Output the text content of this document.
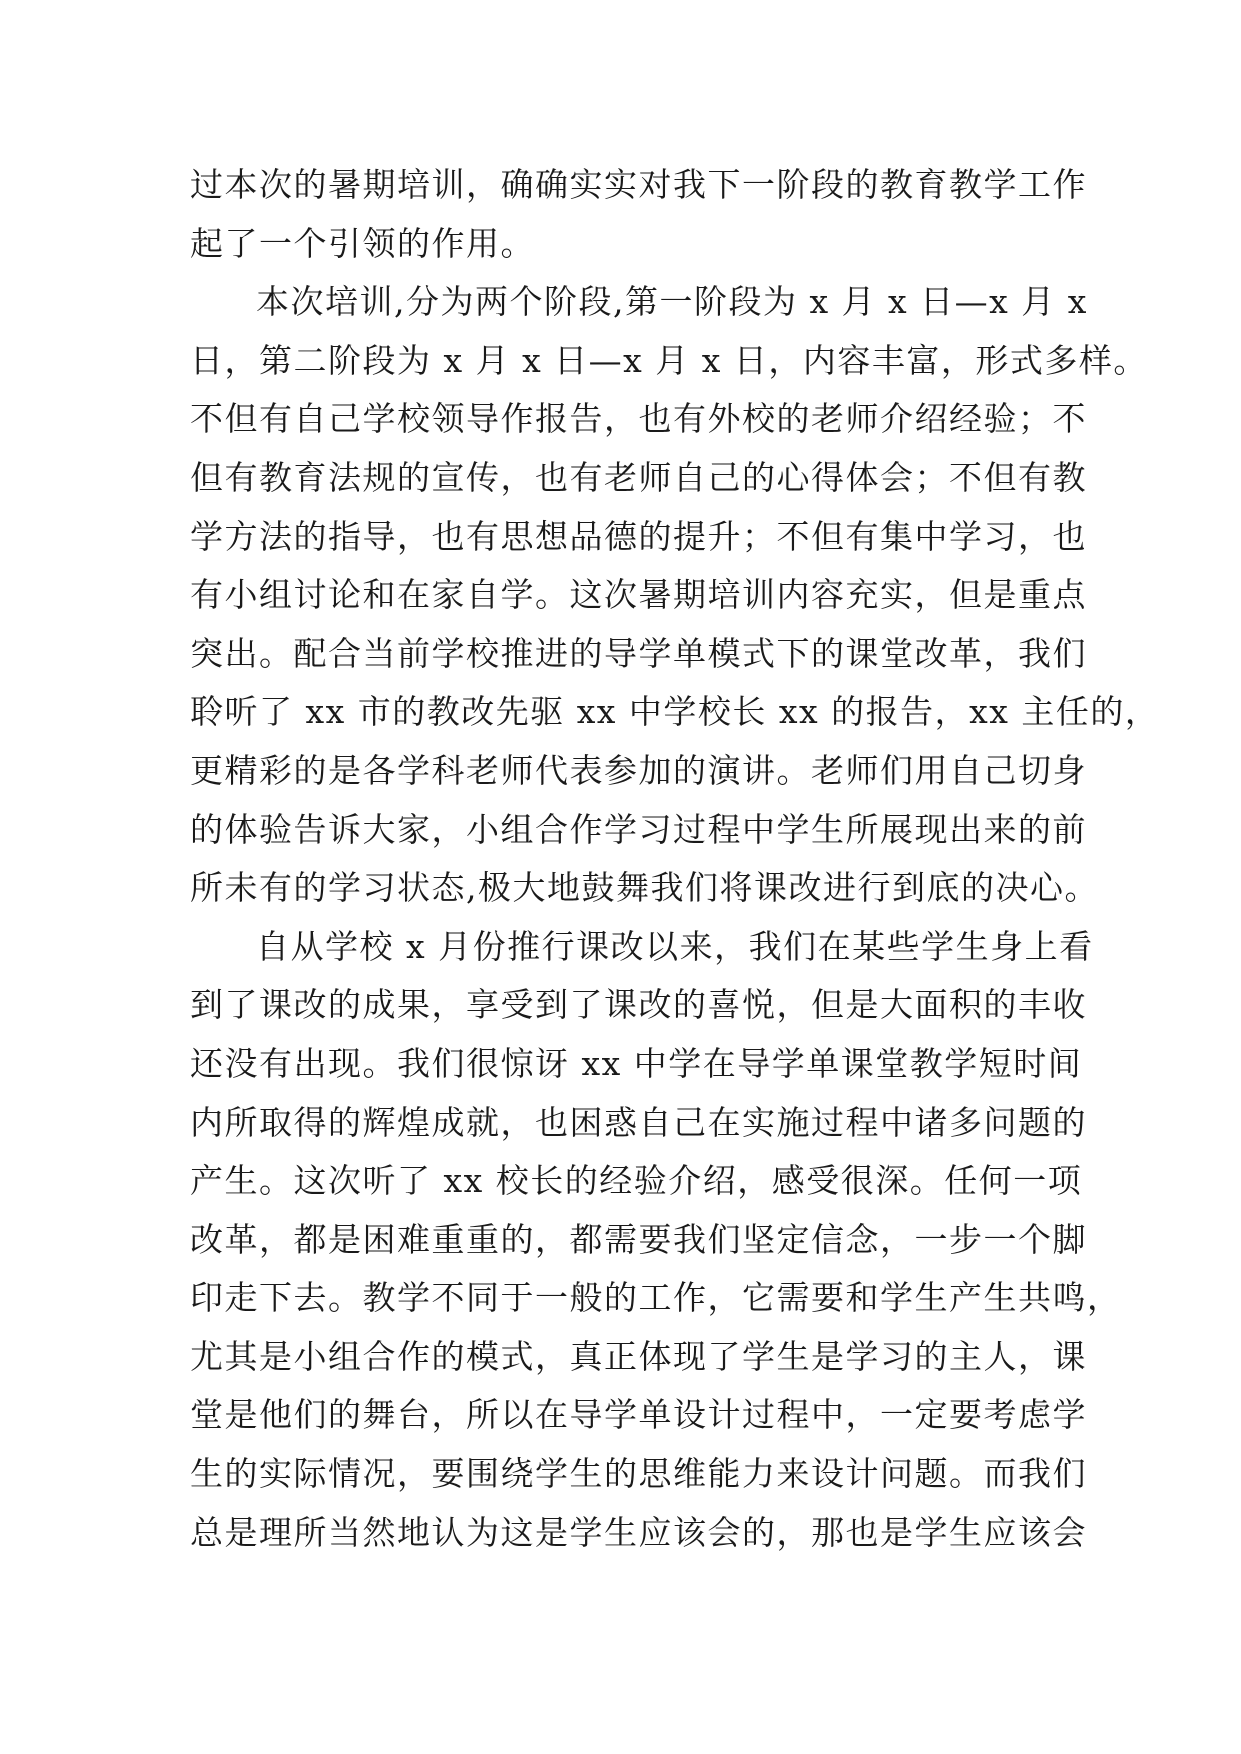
过本次的暑期培训，确确实实对我下一阶段的教育教学工作
起了一个引领的作用。
本次培训,分为两个阶段,第一阶段为 x 月 x 日—x 月 x
日，第二阶段为 x 月 x 日—x 月 x 日，内容丰富，形式多样。
不但有自己学校领导作报告，也有外校的老师介绍经验；不
但有教育法规的宣传，也有老师自己的心得体会；不但有教
学方法的指导，也有思想品德的提升；不但有集中学习，也
有小组讨论和在家自学。这次暑期培训内容充实，但是重点
突出。配合当前学校推进的导学单模式下的课堂改革，我们
聆听了 xx 市的教改先驱 xx 中学校长 xx 的报告，xx 主任的，
更精彩的是各学科老师代表参加的演讲。老师们用自己切身
的体验告诉大家，小组合作学习过程中学生所展现出来的前
所未有的学习状态,极大地鼓舞我们将课改进行到底的决心。
自从学校 x 月份推行课改以来，我们在某些学生身上看
到了课改的成果，享受到了课改的喜悦，但是大面积的丰收
还没有出现。我们很惊讶 xx 中学在导学单课堂教学短时间
内所取得的辉煌成就，也困惑自己在实施过程中诸多问题的
产生。这次听了 xx 校长的经验介绍，感受很深。任何一项
改革，都是困难重重的，都需要我们坚定信念，一步一个脚
印走下去。教学不同于一般的工作，它需要和学生产生共鸣，
尤其是小组合作的模式，真正体现了学生是学习的主人，课
堂是他们的舞台，所以在导学单设计过程中，一定要考虑学
生的实际情况，要围绕学生的思维能力来设计问题。而我们
总是理所当然地认为这是学生应该会的，那也是学生应该会
